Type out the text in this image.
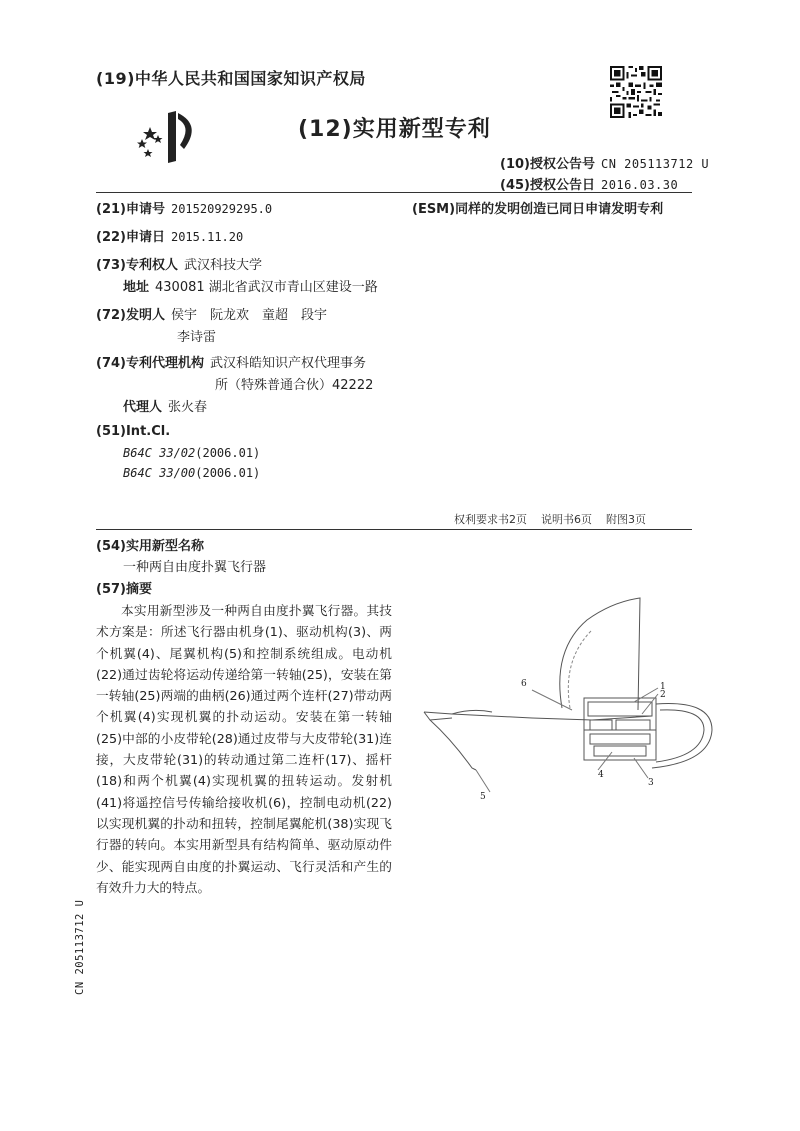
(19)中华人民共和国国家知识产权局
(12)实用新型专利
(10)授权公告号 CN 205113712 U
(45)授权公告日 2016.03.30
(21)申请号 201520929295.0	(ESM)同样的发明创造已同日申请发明专利
(22)申请日 2015.11.20
(73)专利权人 武汉科技大学
地址 430081 湖北省武汉市青山区建设一路
(72)发明人 侯宇　阮龙欢　童超　段宇
李诗雷
(74)专利代理机构 武汉科皓知识产权代理事务
所（特殊普通合伙）42222
代理人 张火春
(51)Int.Cl.
B64C 33/02(2006.01)
B64C 33/00(2006.01)
权利要求书2页 说明书6页 附图3页
(54)实用新型名称
一种两自由度扑翼飞行器
(57)摘要

本实用新型涉及一种两自由度扑翼飞行器。其技术方案是：所述飞行器由机身(1)、驱动机构(3)、两个机翼(4)、尾翼机构(5)和控制系统组成。电动机(22)通过齿轮将运动传递给第一转轴(25)，安装在第一转轴(25)两端的曲柄(26)通过两个连杆(27)带动两个机翼(4)实现机翼的扑动运动。安装在第一转轴(25)中部的小皮带轮(28)通过皮带与大皮带轮(31)连接，大皮带轮(31)的转动通过第二连杆(17)、摇杆(18)和两个机翼(4)实现机翼的扭转运动。发射机(41)将遥控信号传输给接收机(6)，控制电动机(22)以实现机翼的扑动和扭转，控制尾翼舵机(38)实现飞行器的转向。本实用新型具有结构简单、驱动原动件少、能实现两自由度的扑翼运动、飞行灵活和产生的有效升力大的特点。

6	1
2
3
4
5
CN 205113712 U
